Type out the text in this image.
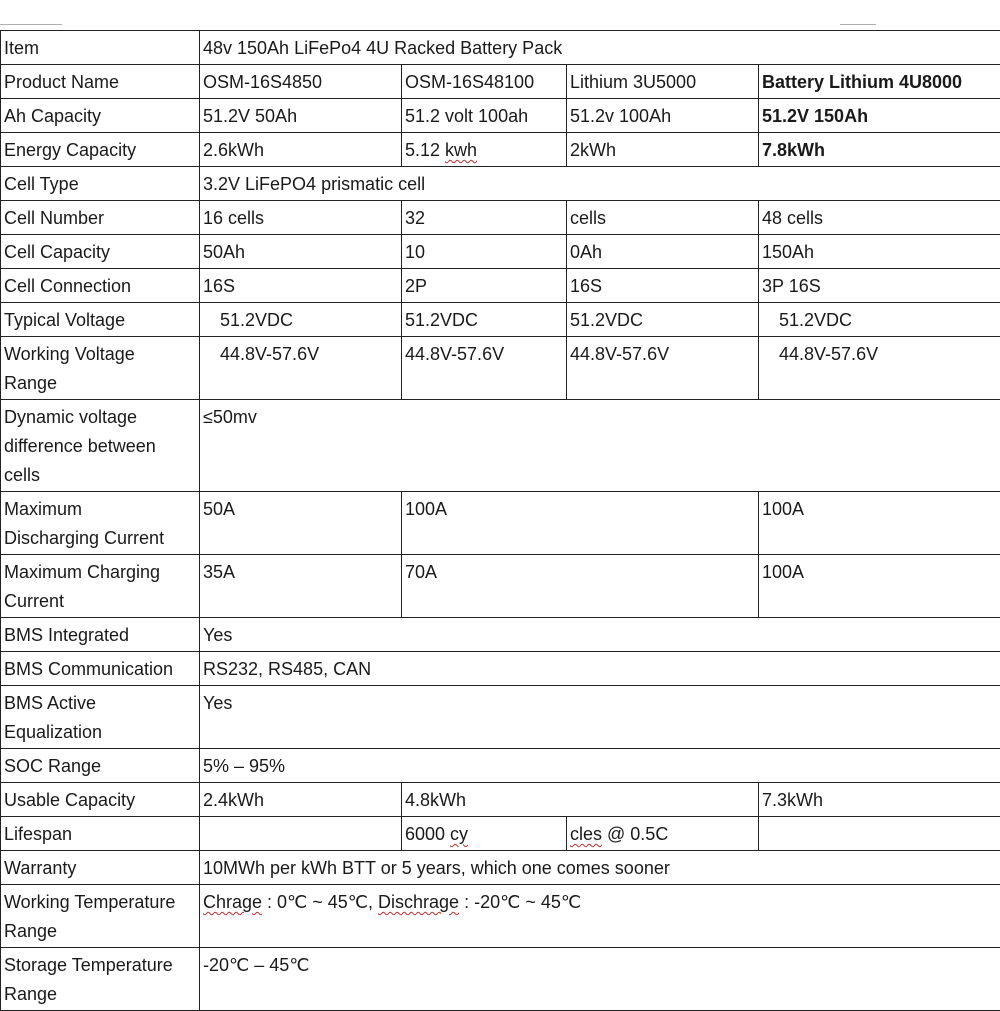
Item	48v 150Ah LiFePo4 4U Racked Battery Pack			
Product Name	OSM-16S4850	OSM-16S48100	Lithium 3U5000	Battery Lithium 4U8000
Ah Capacity	51.2V 50Ah	51.2 volt 100ah	51.2v 100Ah	51.2V 150Ah
Energy Capacity	2.6kWh	5.12 kwh	2kWh	7.8kWh
Cell Type	3.2V LiFePO4 prismatic cell			
Cell Number	16 cells	32	cells	48 cells
Cell Capacity	50Ah	10	0Ah	150Ah
Cell Connection	16S	2P	16S	3P 16S
Typical Voltage	51.2VDC	51.2VDC	51.2VDC	51.2VDC

Working Voltage
Range	44.8V-57.6V	44.8V-57.6V	44.8V-57.6V	44.8V-57.6V

Dynamic voltage
difference between
cells	≤50mv			

Maximum
Discharging Current	50A	100A		100A

Maximum Charging
Current	35A	70A		100A
BMS Integrated	Yes			
BMS Communication	RS232, RS485, CAN			

BMS Active
Equalization	Yes			
SOC Range	5% – 95%			
Usable Capacity	2.4kWh	4.8kWh		7.3kWh
Lifespan		6000 cy	cles @ 0.5C	
Warranty	10MWh per kWh BTT or 5 years, which one comes sooner			

Working Temperature
Range	Chrage : 0℃ ~ 45℃, Dischrage : -20℃ ~ 45℃			

Storage Temperature
Range	-20℃ – 45℃			
